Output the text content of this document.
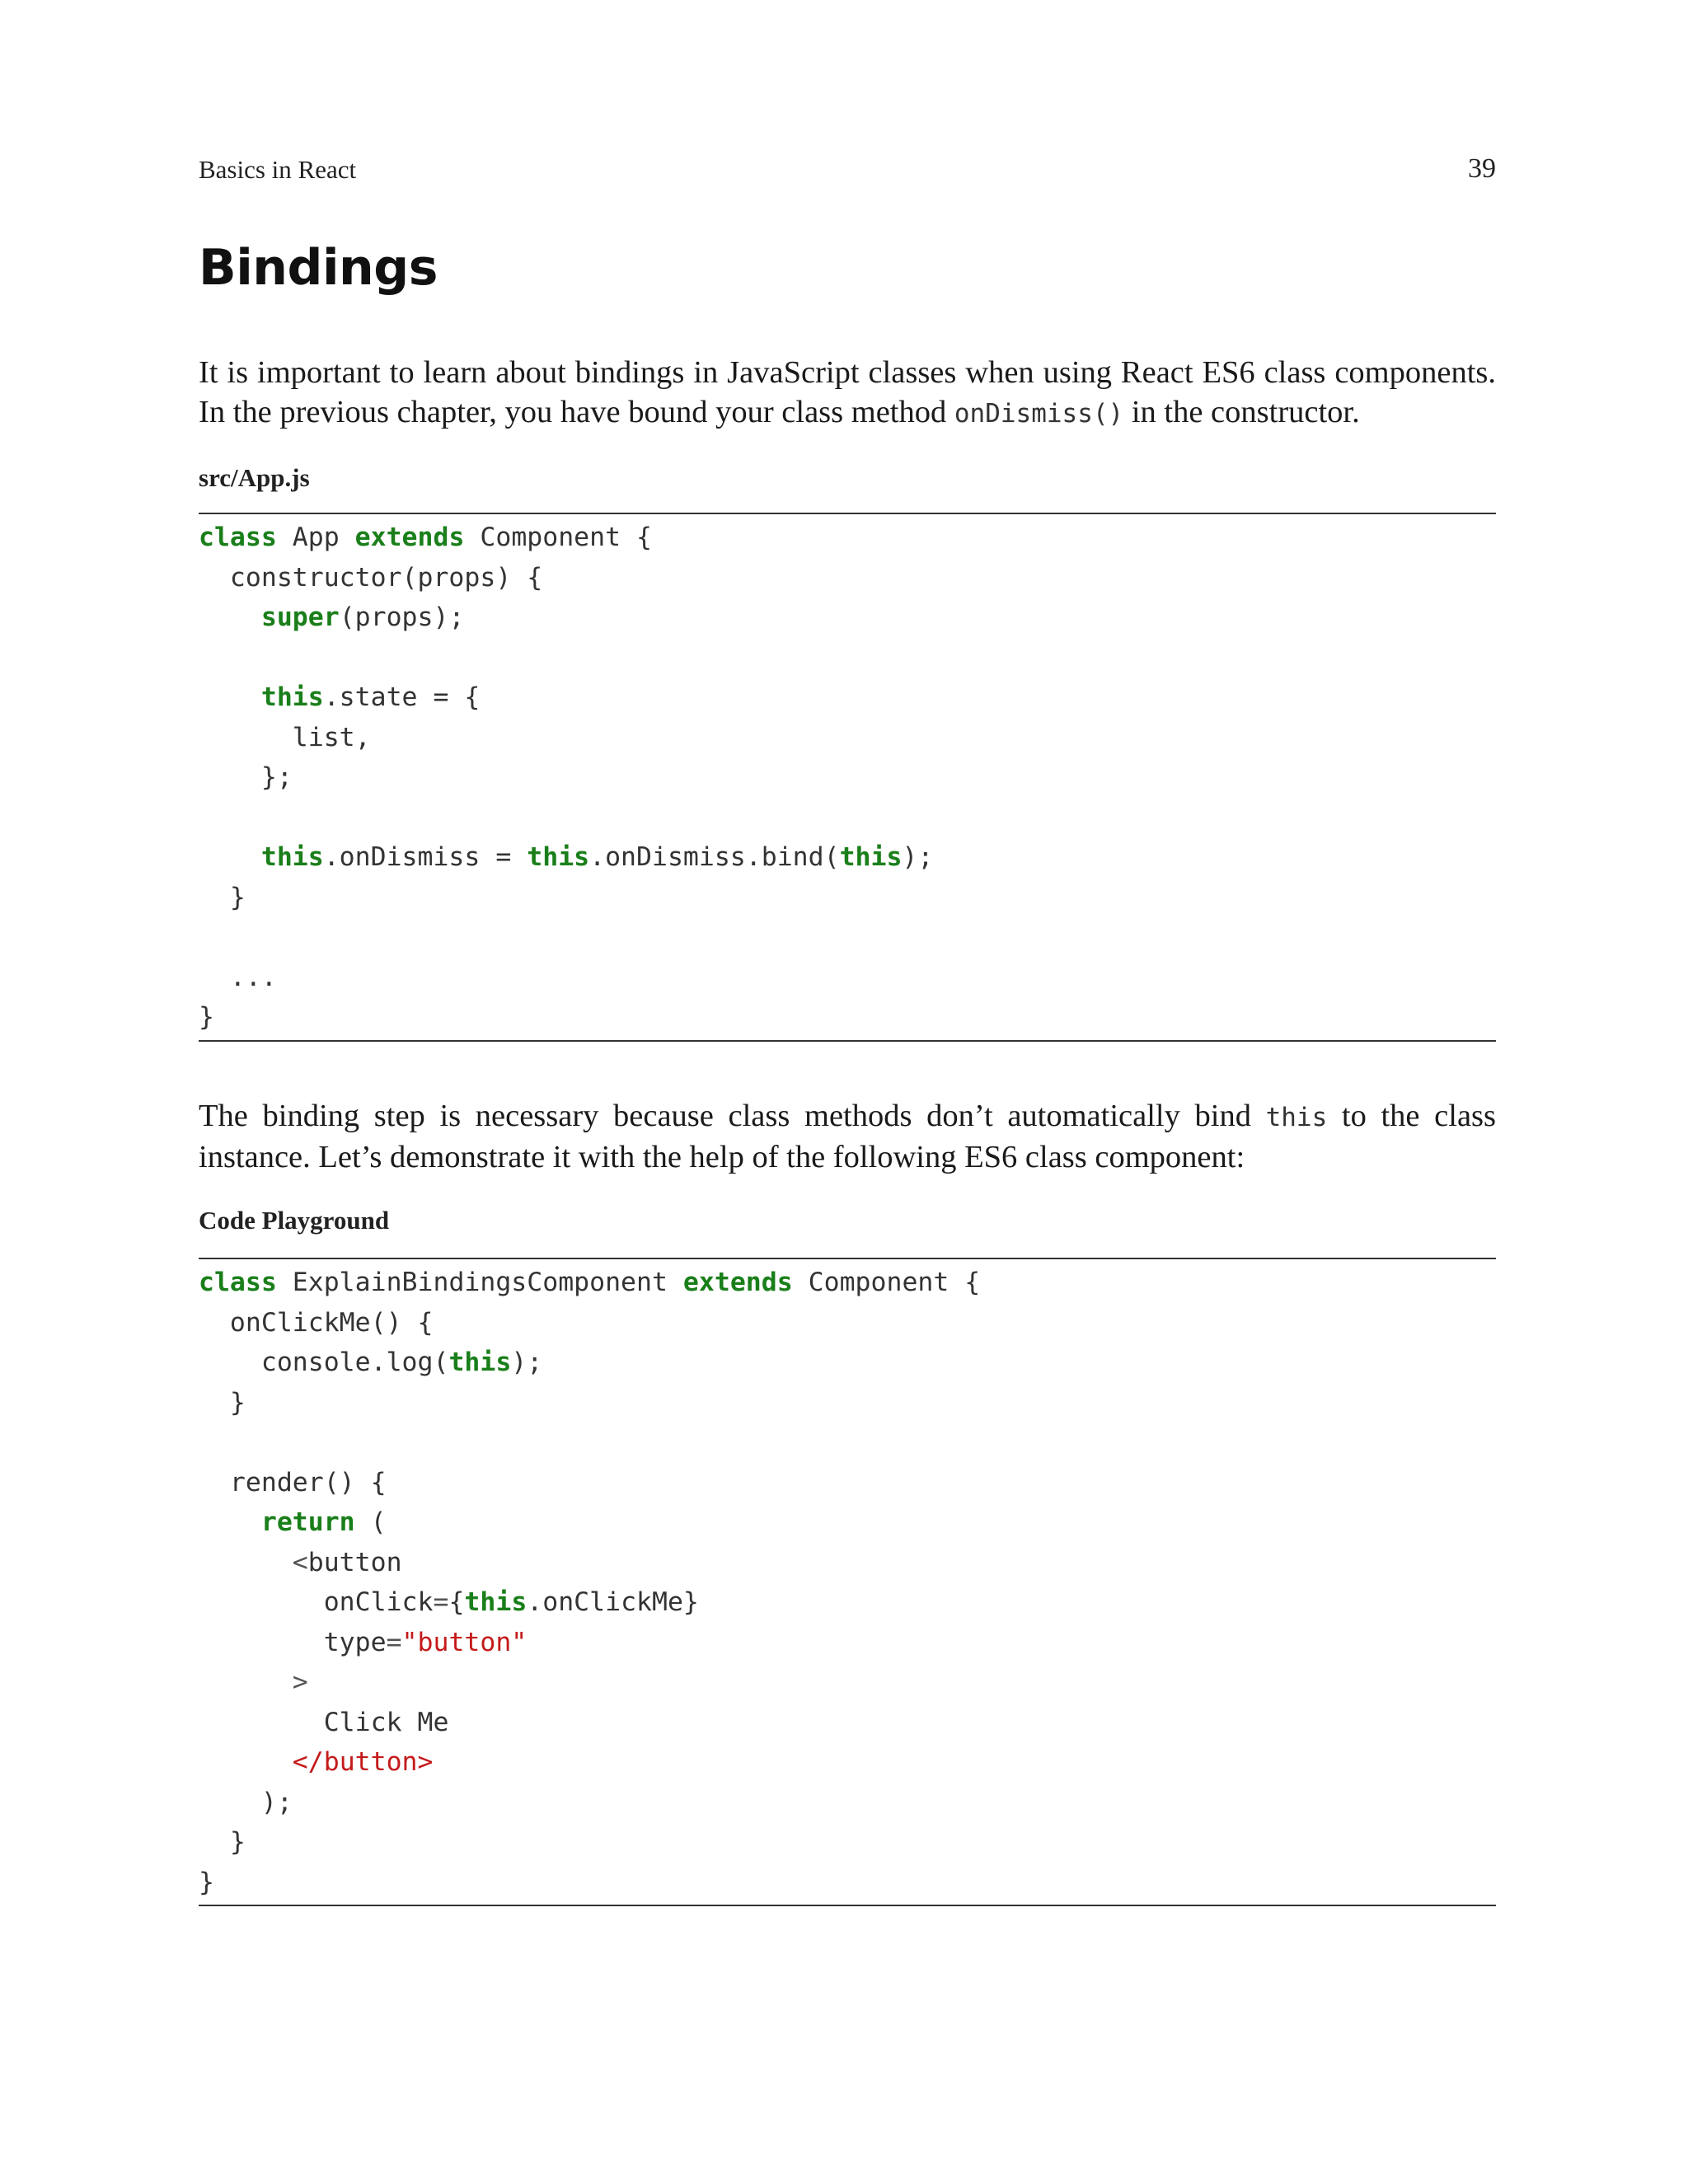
Basics in React	39
Bindings

It is important to learn about bindings in JavaScript classes when using React ES6 class components. In the previous chapter, you have bound your class method onDismiss() in the constructor.

src/App.js
class App extends Component {
constructor(props) {
super(props);
this.state = {
list,
};
this.onDismiss = this.onDismiss.bind(this);
}
...
}

The binding step is necessary because class methods don’t automatically bind this to the class instance. Let’s demonstrate it with the help of the following ES6 class component:

Code Playground
class ExplainBindingsComponent extends Component {
onClickMe() {
console.log(this);
}
render() {
return (
<button
onClick={this.onClickMe}
type="button"
>
Click Me
</button>
);
}
}
